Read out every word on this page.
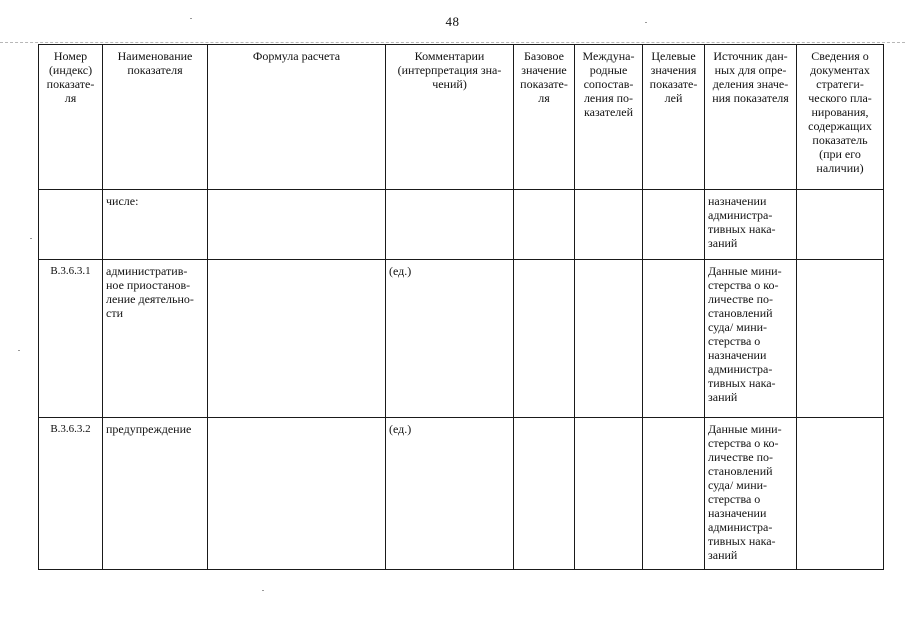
48
Номер (индекс) показате-ля	Наименование показателя	Формула расчета	Комментарии (интерпретация зна-чений)	Базовое значение показате-ля	Междуна-родные сопостав-ления по-казателей	Целевые значения показате-лей	Источник дан-ных для опре-деления значе-ния показателя	Сведения о документах стратеги-ческого пла-нирования, содержащих показатель (при его наличии)
	числе:						назначении администра-тивных нака-заний	
В.3.6.3.1	административ-ное приостанов-ление деятельно-сти		(ед.)				Данные мини-стерства о ко-личестве по-становлений суда/ мини-стерства о назначении администра-тивных нака-заний	
В.3.6.3.2	предупреждение		(ед.)				Данные мини-стерства о ко-личестве по-становлений суда/ мини-стерства о назначении администра-тивных нака-заний	
